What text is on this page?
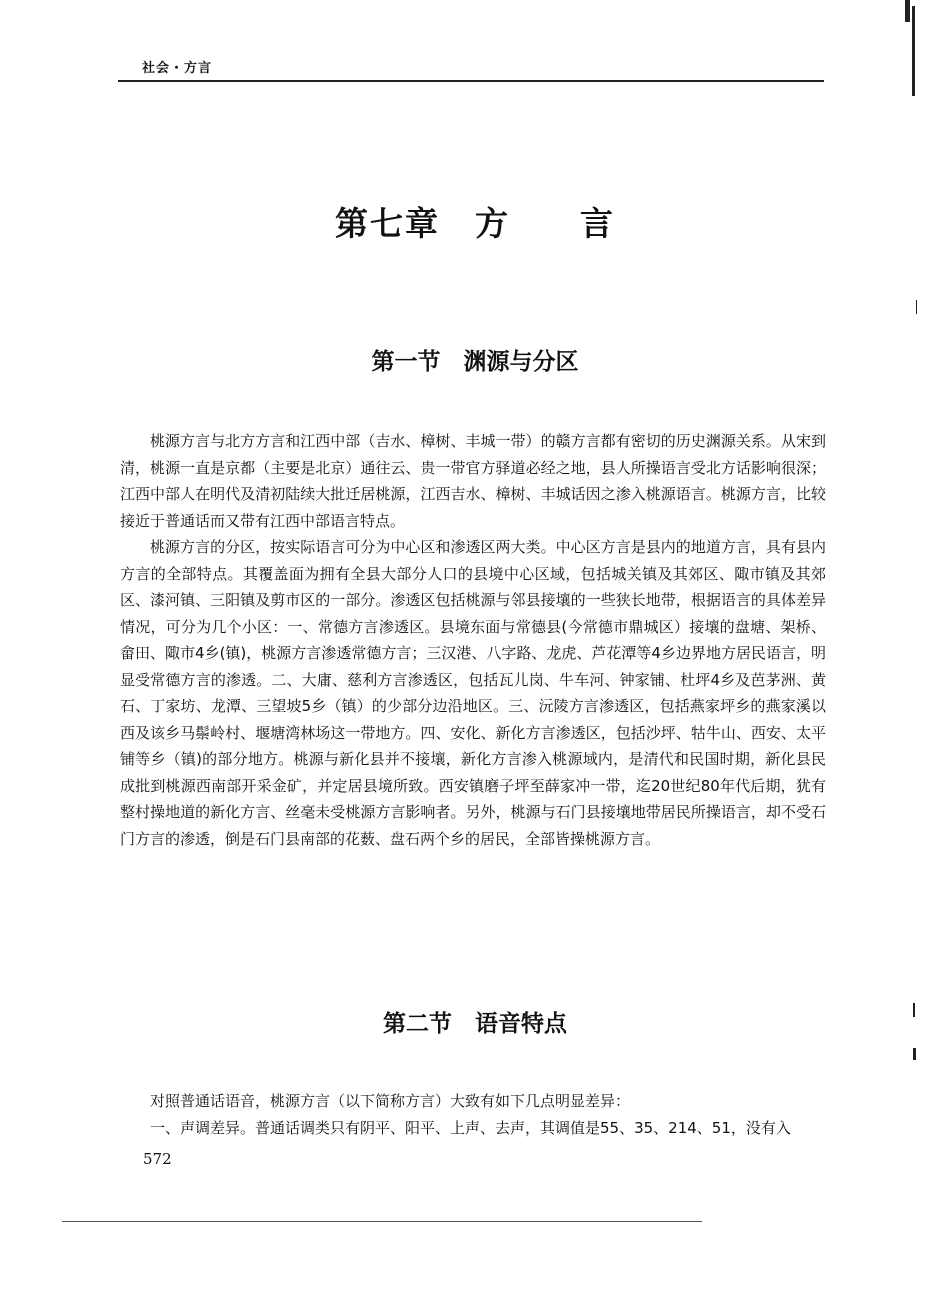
社会・方言
第七章　方　　言
第一节　渊源与分区

桃源方言与北方方言和江西中部（吉水、樟树、丰城一带）的赣方言都有密切的历史渊源关系。从宋到清，桃源一直是京都（主要是北京）通往云、贵一带官方驿道必经之地，县人所操语言受北方话影响很深；江西中部人在明代及清初陆续大批迁居桃源，江西吉水、樟树、丰城话因之渗入桃源语言。桃源方言，比较接近于普通话而又带有江西中部语言特点。

桃源方言的分区，按实际语言可分为中心区和渗透区两大类。中心区方言是县内的地道方言，具有县内方言的全部特点。其覆盖面为拥有全县大部分人口的县境中心区域，包括城关镇及其郊区、陬市镇及其郊区、漆河镇、三阳镇及剪市区的一部分。渗透区包括桃源与邻县接壤的一些狭长地带，根据语言的具体差异情况，可分为几个小区：一、常德方言渗透区。县境东面与常德县(今常德市鼎城区）接壤的盘塘、架桥、畲田、陬市4乡(镇)，桃源方言渗透常德方言；三汉港、八字路、龙虎、芦花潭等4乡边界地方居民语言，明显受常德方言的渗透。二、大庸、慈利方言渗透区，包括瓦儿岗、牛车河、钟家铺、杜坪4乡及芭茅洲、黄石、丁家坊、龙潭、三望坡5乡（镇）的少部分边沿地区。三、沅陵方言渗透区，包括燕家坪乡的燕家溪以西及该乡马鬃岭村、堰塘湾林场这一带地方。四、安化、新化方言渗透区，包括沙坪、牯牛山、西安、太平铺等乡（镇)的部分地方。桃源与新化县并不接壤，新化方言渗入桃源域内，是清代和民国时期，新化县民成批到桃源西南部开采金矿，并定居县境所致。西安镇磨子坪至薛家冲一带，迄20世纪80年代后期，犹有整村操地道的新化方言、丝毫未受桃源方言影响者。另外，桃源与石门县接壤地带居民所操语言，却不受石门方言的渗透，倒是石门县南部的花薮、盘石两个乡的居民，全部皆操桃源方言。

第二节　语音特点

对照普通话语音，桃源方言（以下简称方言）大致有如下几点明显差异：

一、声调差异。普通话调类只有阴平、阳平、上声、去声，其调值是55、35、214、51，没有入

572
